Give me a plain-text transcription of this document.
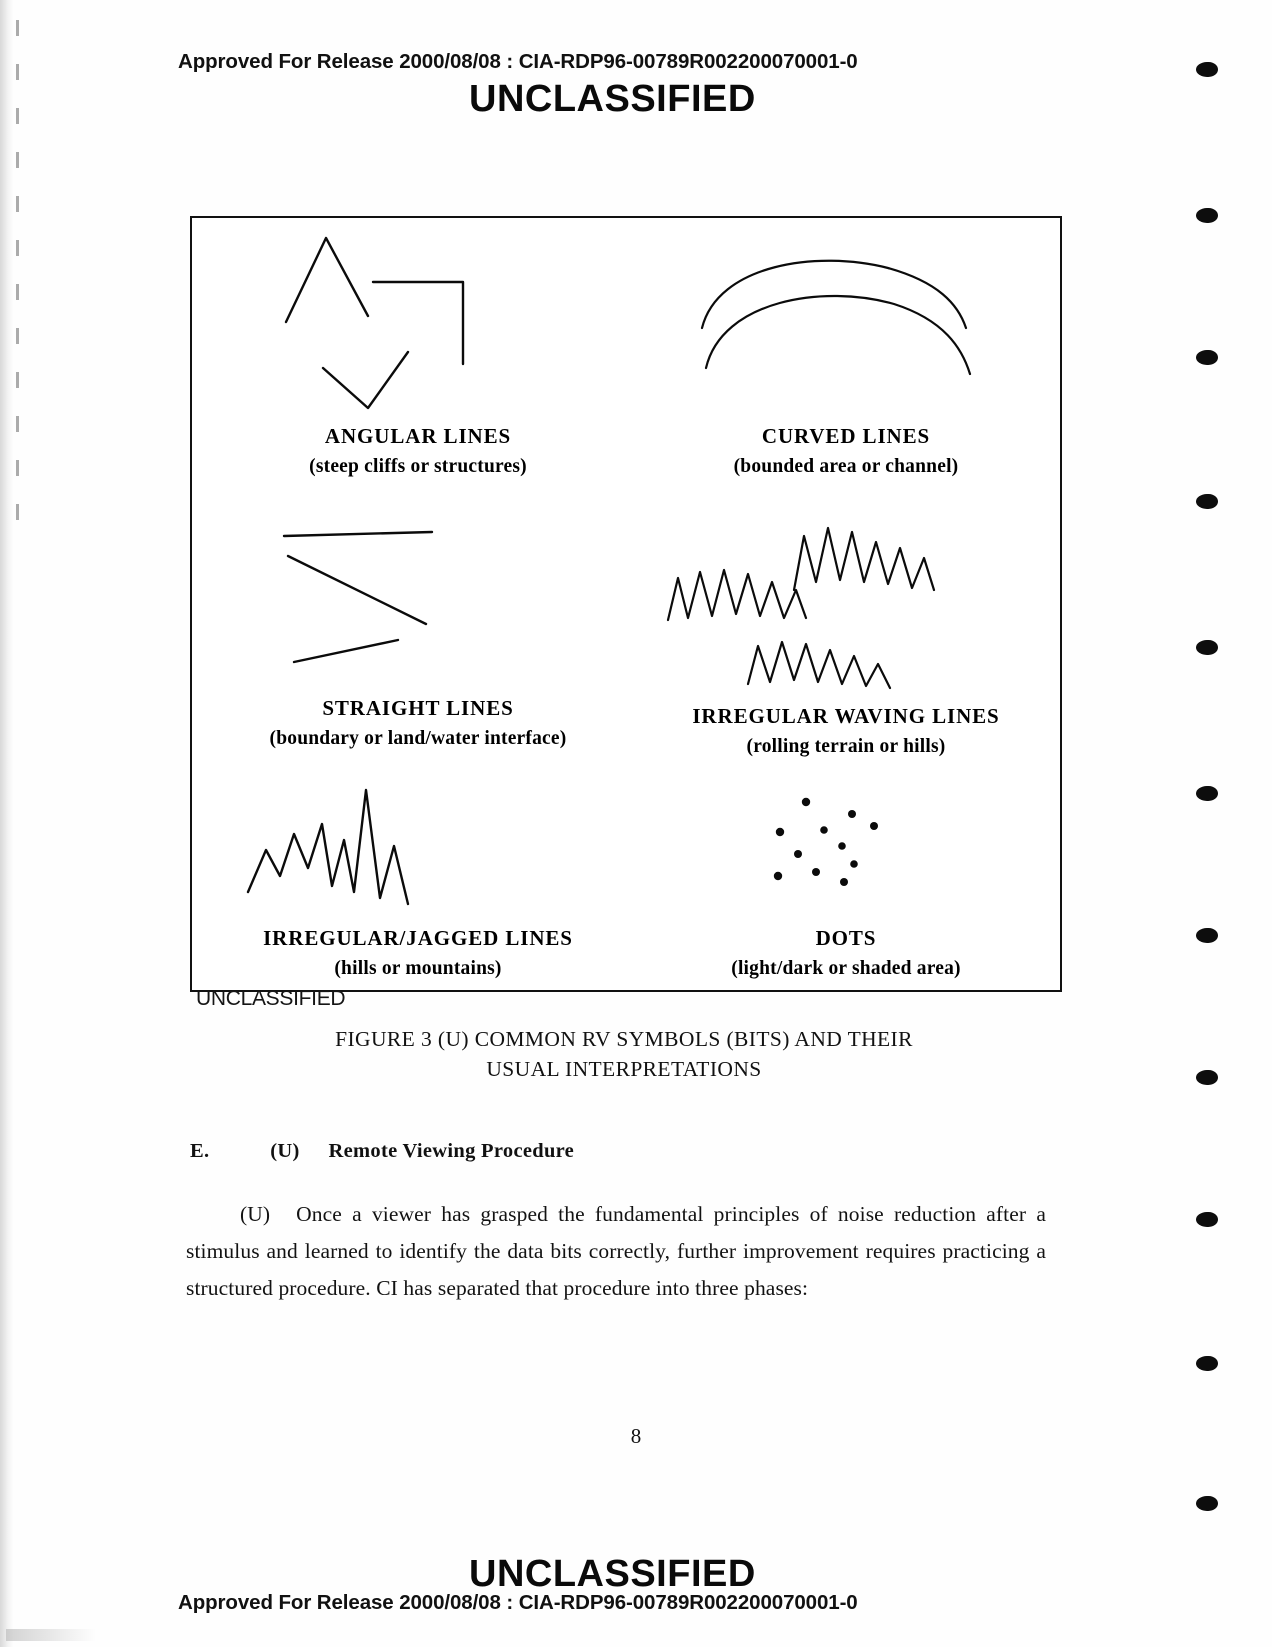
Approved For Release 2000/08/08 : CIA-RDP96-00789R002200070001-0
UNCLASSIFIED
ANGULAR LINES
(steep cliffs or structures)
CURVED LINES
(bounded area or channel)
STRAIGHT LINES
(boundary or land/water interface)
IRREGULAR WAVING LINES
(rolling terrain or hills)
IRREGULAR/JAGGED LINES
(hills or mountains)
DOTS
(light/dark or shaded area)
UNCLASSIFIED
FIGURE 3 (U) COMMON RV SYMBOLS (BITS) AND THEIR
USUAL INTERPRETATIONS
E.	(U) Remote Viewing Procedure
(U) Once a viewer has grasped the fundamental principles of noise reduction after a stimulus and learned to identify the data bits correctly, further improvement requires practicing a structured procedure. CI has separated that procedure into three phases:
8
UNCLASSIFIED
Approved For Release 2000/08/08 : CIA-RDP96-00789R002200070001-0
